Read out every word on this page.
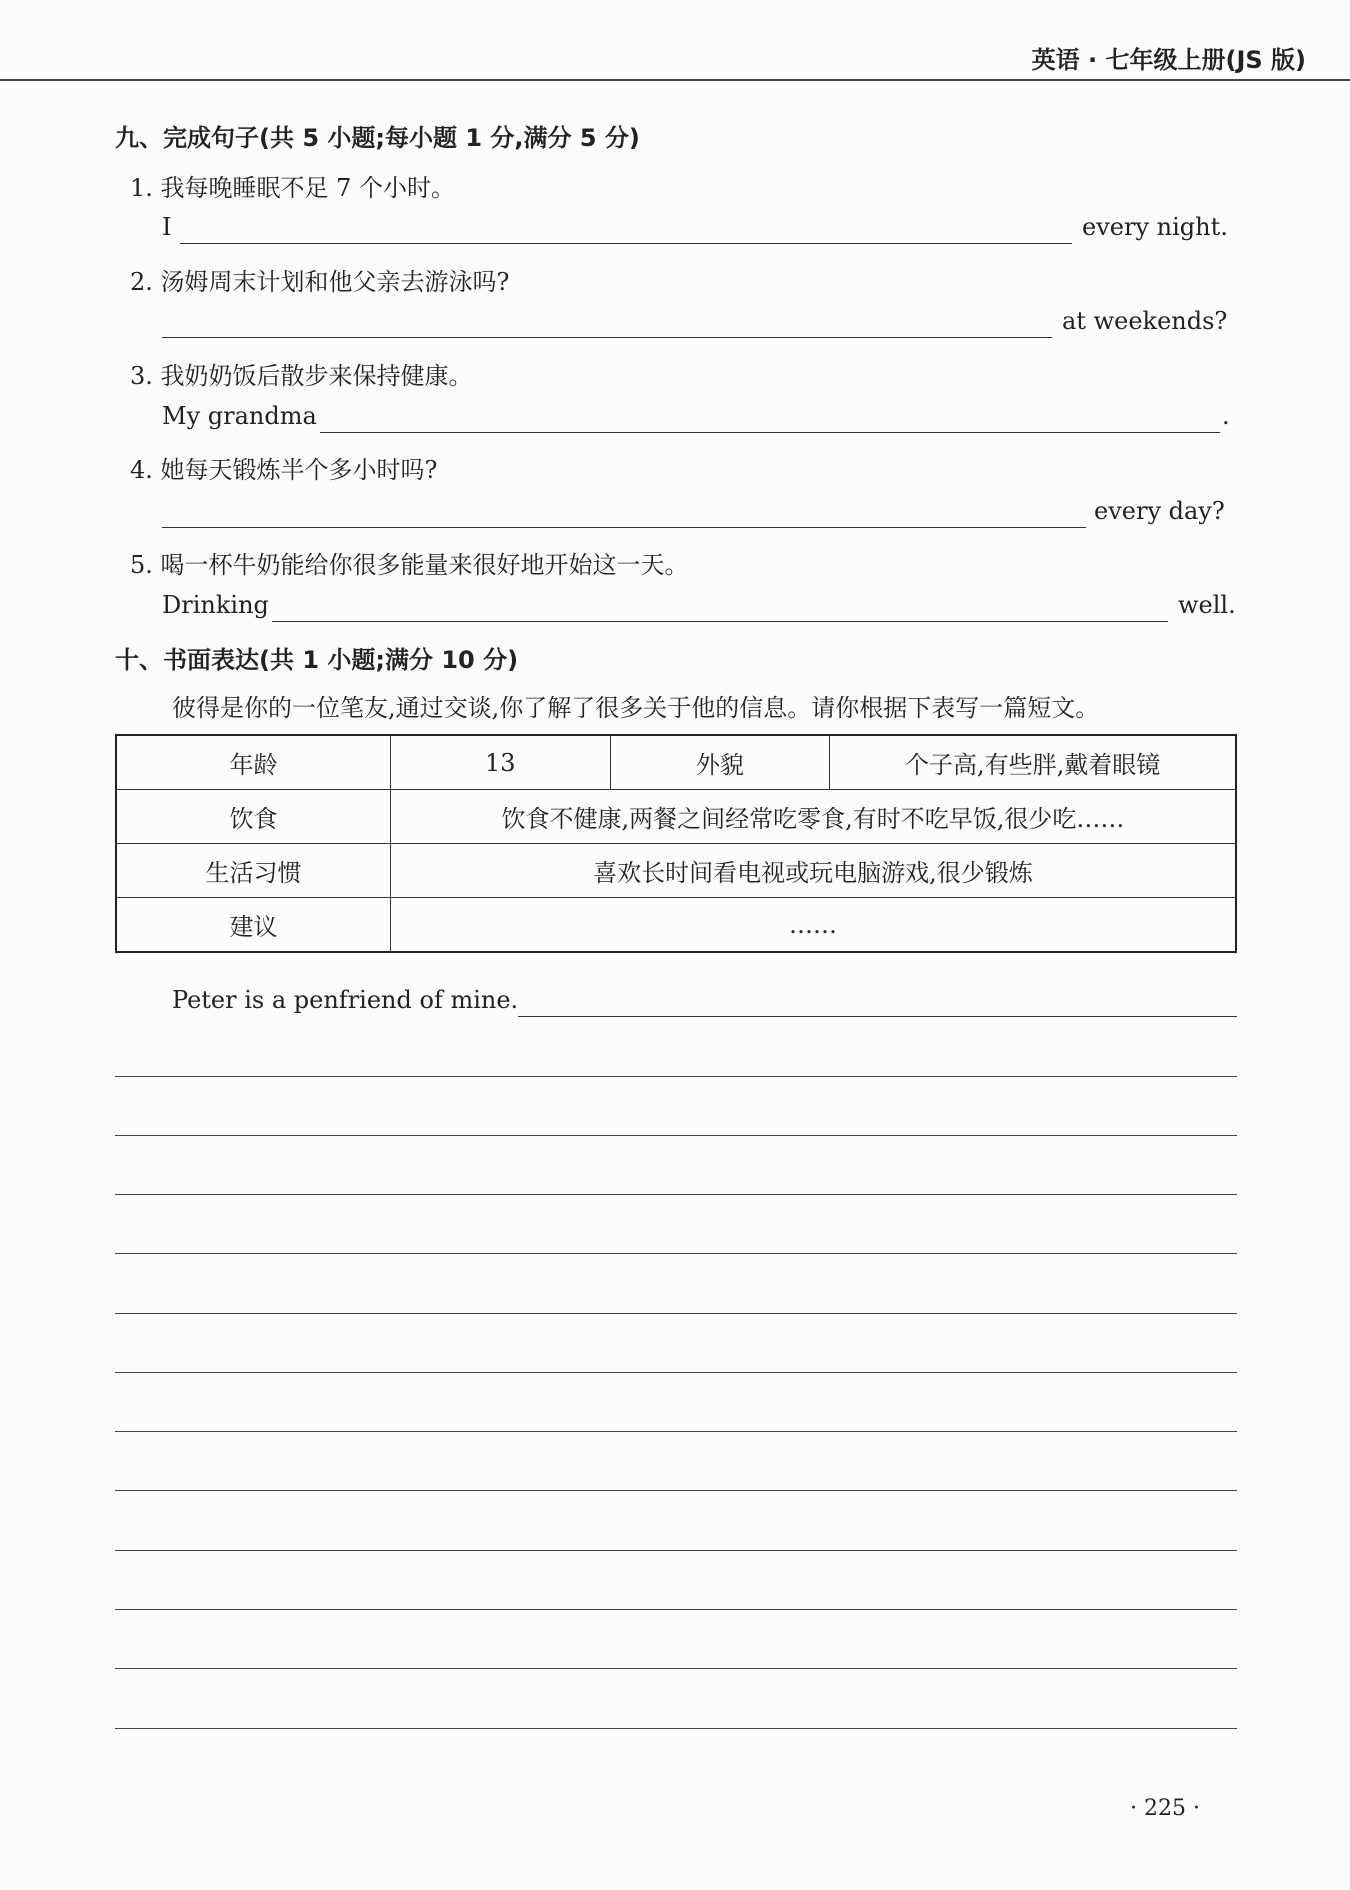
英语 · 七年级上册(JS 版)
九、完成句子(共 5 小题;每小题 1 分,满分 5 分)
1. 我每晚睡眠不足 7 个小时。
I	every night.
2. 汤姆周末计划和他父亲去游泳吗?
at weekends?
3. 我奶奶饭后散步来保持健康。
My grandma	.
4. 她每天锻炼半个多小时吗?
every day?
5. 喝一杯牛奶能给你很多能量来很好地开始这一天。
Drinking	well.
十、书面表达(共 1 小题;满分 10 分)
彼得是你的一位笔友,通过交谈,你了解了很多关于他的信息。请你根据下表写一篇短文。
年龄	13	外貌	个子高,有些胖,戴着眼镜
饮食	饮食不健康,两餐之间经常吃零食,有时不吃早饭,很少吃……		
生活习惯	喜欢长时间看电视或玩电脑游戏,很少锻炼		
建议	……		
Peter is a penfriend of mine.
· 225 ·
